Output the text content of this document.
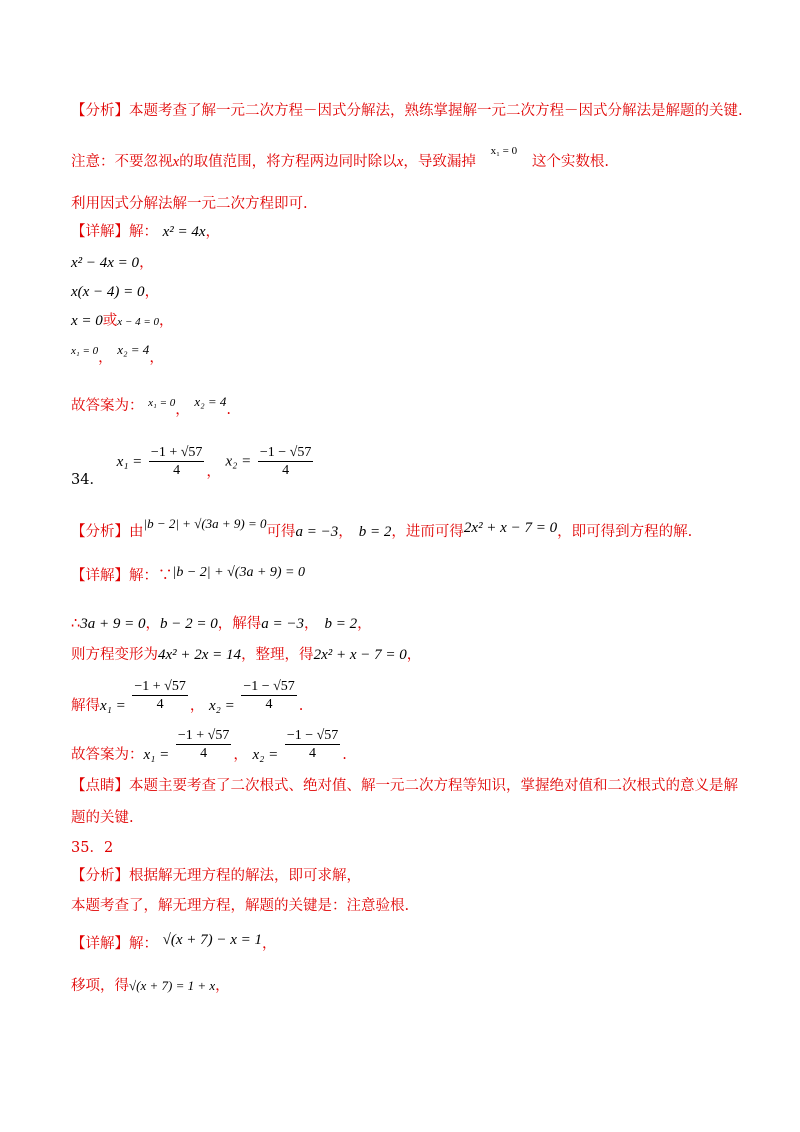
【分析】本题考查了解一元二次方程－因式分解法，熟练掌握解一元二次方程－因式分解法是解题的关键.
注意：不要忽视x的取值范围，将方程两边同时除以x，导致漏掉x₁ = 0这个实数根.
利用因式分解法解一元二次方程即可.
【详解】解： x² = 4x，
x² − 4x = 0，
x(x − 4) = 0，
x = 0或x − 4 = 0，
x₁ = 0， x₂ = 4，
故答案为： $^{x_1 = 0}$， x₂ = 4.
34． $x_1 = \frac{-1 + √57}{4}$ ， $x_2 = \frac{-1 - √57}{4}$
【分析】由|b − 2| + √(3a + 9) = 0可得a = −3， b = 2，进而可得2x² + x − 7 = 0，即可得到方程的解.
【详解】解：∵|b − 2| + √(3a + 9) = 0
∴3a + 9 = 0，b − 2 = 0，解得a = −3， b = 2，
则方程变形为4x² + 2x = 14，整理，得2x² + x − 7 = 0，
解得$x_1 = \frac{-1 + √57}{4}$ ， $x_2 = \frac{-1 - √57}{4}$ .
故答案为：$x_1 = \frac{-1 + √57}{4}$ ， $x_2 = \frac{-1 - √57}{4}$ .
【点睛】本题主要考查了二次根式、绝对值、解一元二次方程等知识，掌握绝对值和二次根式的意义是解
题的关键.
35．2
【分析】根据解无理方程的解法，即可求解，
本题考查了，解无理方程，解题的关键是：注意验根.
【详解】解： √(x + 7) − x = 1，
移项，得√(x + 7) = 1 + x，
